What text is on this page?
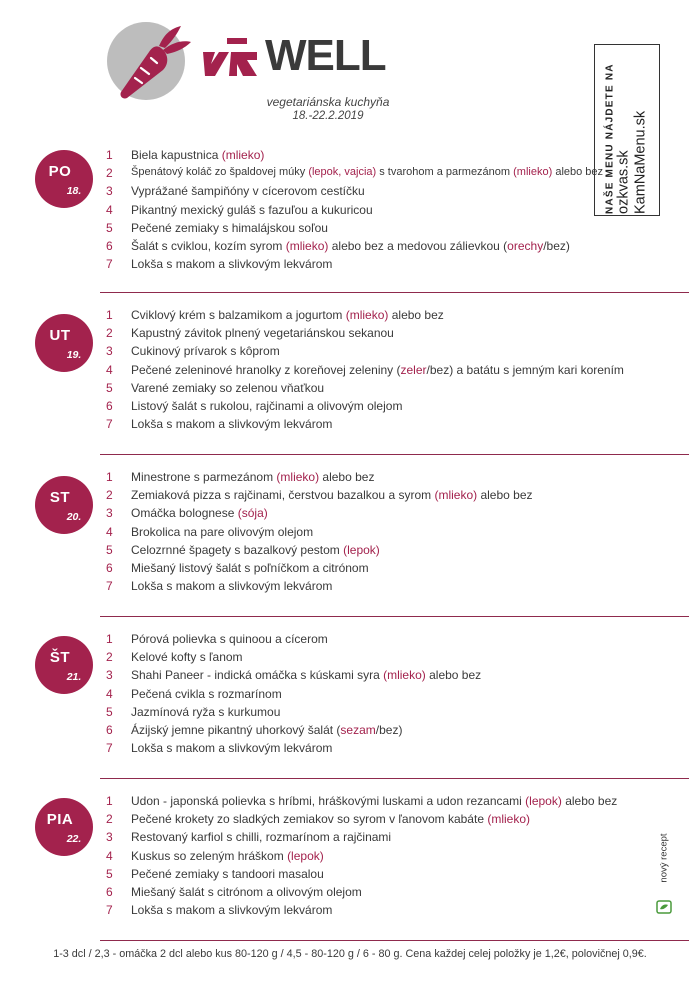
WELL
vegetariánska kuchyňa
18.-22.2.2019	NAŠE MENU NÁJDETE NA ozkvas.sk KamNaMenu.sk
PO
18.
1	Biela kapustnica (mlieko)
2	Špenátový koláč zo špaldovej múky (lepok, vajcia) s tvarohom a parmezánom (mlieko) alebo bez
3	Vyprážané šampiňóny v cícerovom cestíčku
4	Pikantný mexický guláš s fazuľou a kukuricou
5	Pečené zemiaky s himalájskou soľou
6	Šalát s cviklou, kozím syrom (mlieko) alebo bez a medovou zálievkou (orechy/bez)
7	Lokša s makom a slivkovým lekvárom
UT
19.
1	Cviklový krém s balzamikom a jogurtom (mlieko) alebo bez
2	Kapustný závitok plnený vegetariánskou sekanou
3	Cukinový prívarok s kôprom
4	Pečené zeleninové hranolky z koreňovej zeleniny (zeler/bez) a batátu s jemným kari korením
5	Varené zemiaky so zelenou vňaťkou
6	Listový šalát s rukolou, rajčinami a olivovým olejom
7	Lokša s makom a slivkovým lekvárom
ST
20.
1	Minestrone s parmezánom (mlieko) alebo bez
2	Zemiaková pizza s rajčinami, čerstvou bazalkou a syrom (mlieko) alebo bez
3	Omáčka bolognese (sója)
4	Brokolica na pare olivovým olejom
5	Celozrnné špagety s bazalkový pestom (lepok)
6	Miešaný listový šalát s poľníčkom a citrónom
7	Lokša s makom a slivkovým lekvárom
ŠT
21.
1	Pórová polievka s quinoou a cícerom
2	Kelové kofty s ľanom
3	Shahi Paneer - indická omáčka s kúskami syra (mlieko) alebo bez
4	Pečená cvikla s rozmarínom
5	Jazmínová ryža s kurkumou
6	Ázijský jemne pikantný uhorkový šalát (sezam/bez)
7	Lokša s makom a slivkovým lekvárom
PIA
22.
1	Udon - japonská polievka s hríbmi, hráškovými luskami a udon rezancami (lepok) alebo bez
2	Pečené krokety zo sladkých zemiakov so syrom v ľanovom kabáte (mlieko)
3	Restovaný karfiol s chilli, rozmarínom a rajčinami
4	Kuskus so zeleným hráškom (lepok)
5	Pečené zemiaky s tandoori masalou
6	Miešaný šalát s citrónom a olivovým olejom
7	Lokša s makom a slivkovým lekvárom
nový recept
1-3 dcl / 2,3 - omáčka 2 dcl alebo kus 80-120 g / 4,5 - 80-120 g / 6 - 80 g. Cena každej celej položky je 1,2€, polovičnej 0,9€.
